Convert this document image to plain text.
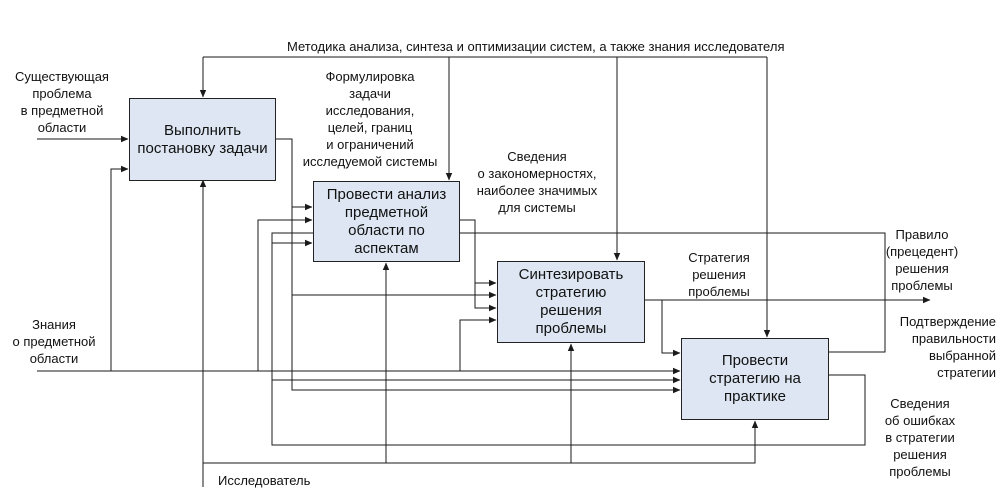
Выполнить
постановку задачи
Провести анализ
предметной
области по
аспектам
Синтезировать
стратегию
решения
проблемы
Провести
стратегию на
практике
Методика анализа, синтеза и оптимизации систем, а также знания исследователя
Существующая
проблема
в предметной
области
Формулировка
задачи
исследования,
целей, границ
и ограничений
исследуемой системы	Сведения
о закономерностях,
наиболее значимых
для системы
Стратегия
решения
проблемы
Правило
(прецедент)
решения
проблемы
Подтверждение
правильности
выбранной
стратегии
Сведения
об ошибках
в стратегии
решения
проблемы
Знания
о предметной
области
Исследователь
